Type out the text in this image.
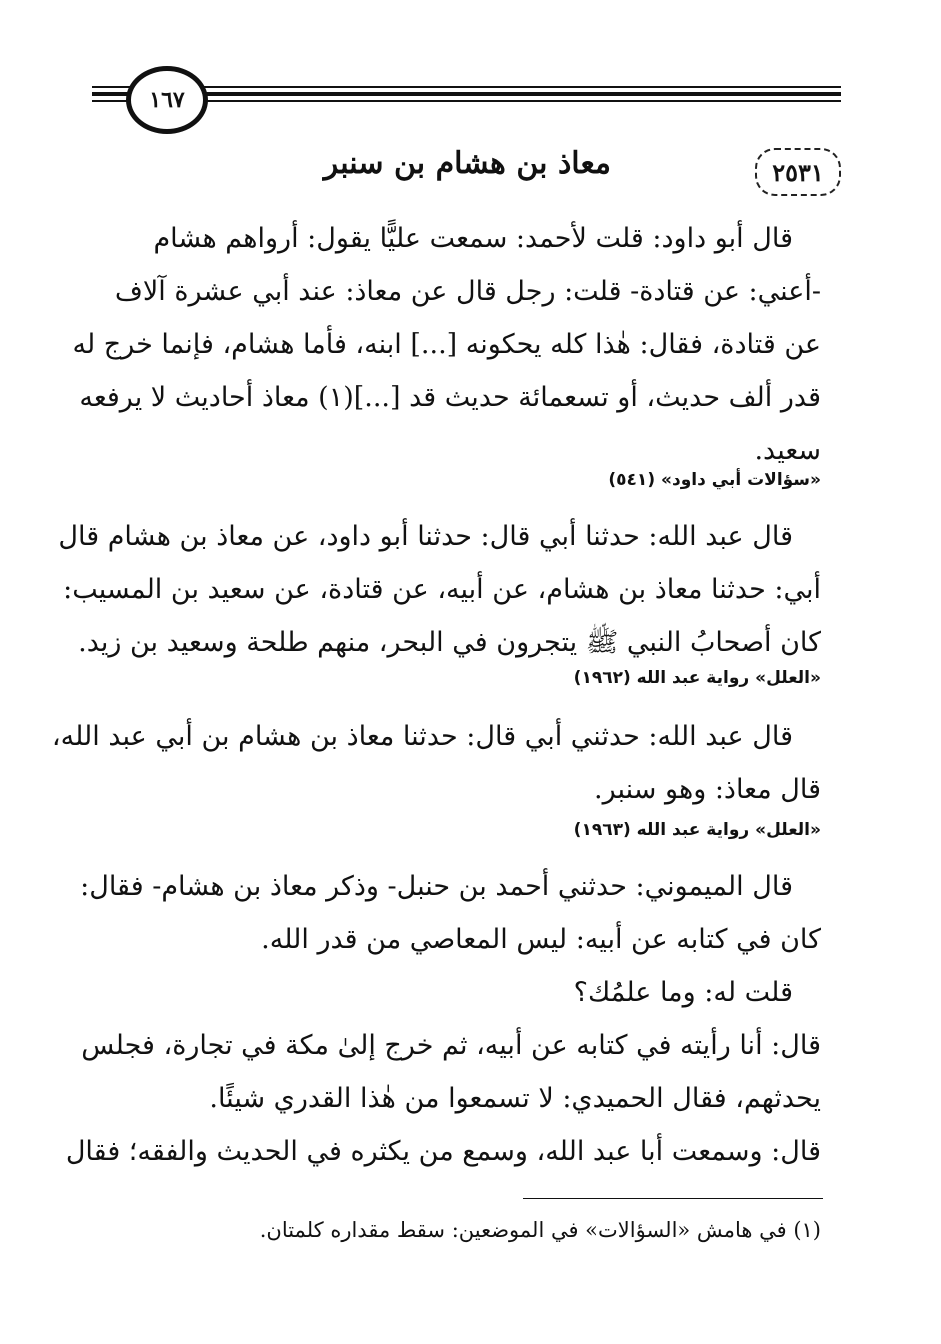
١٦٧
٢٥٣١
معاذ بن هشام بن سنبر
قال أبو داود: قلت لأحمد: سمعت عليًّا يقول: أرواهم هشام
-أعني: عن قتادة- قلت: رجل قال عن معاذ: عند أبي عشرة آلاف
عن قتادة، فقال: هٰذا كله يحكونه [...] ابنه، فأما هشام، فإنما خرج له
قدر ألف حديث، أو تسعمائة حديث قد [...](١) معاذ أحاديث لا يرفعه
سعيد.
«سؤالات أبي داود» (٥٤١)
قال عبد الله: حدثنا أبي قال: حدثنا أبو داود، عن معاذ بن هشام قال
أبي: حدثنا معاذ بن هشام، عن أبيه، عن قتادة، عن سعيد بن المسيب:
كان أصحابُ النبي ﷺ يتجرون في البحر، منهم طلحة وسعيد بن زيد.
«العلل» رواية عبد الله (١٩٦٢)
قال عبد الله: حدثني أبي قال: حدثنا معاذ بن هشام بن أبي عبد الله،
قال معاذ: وهو سنبر.
«العلل» رواية عبد الله (١٩٦٣)
قال الميموني: حدثني أحمد بن حنبل- وذكر معاذ بن هشام- فقال:
كان في كتابه عن أبيه: ليس المعاصي من قدر الله.
قلت له: وما علمُك؟
قال: أنا رأيته في كتابه عن أبيه، ثم خرج إلىٰ مكة في تجارة، فجلس
يحدثهم، فقال الحميدي: لا تسمعوا من هٰذا القدري شيئًا.
قال: وسمعت أبا عبد الله، وسمع من يكثره في الحديث والفقه؛ فقال
(١) في هامش «السؤالات» في الموضعين: سقط مقداره كلمتان.
